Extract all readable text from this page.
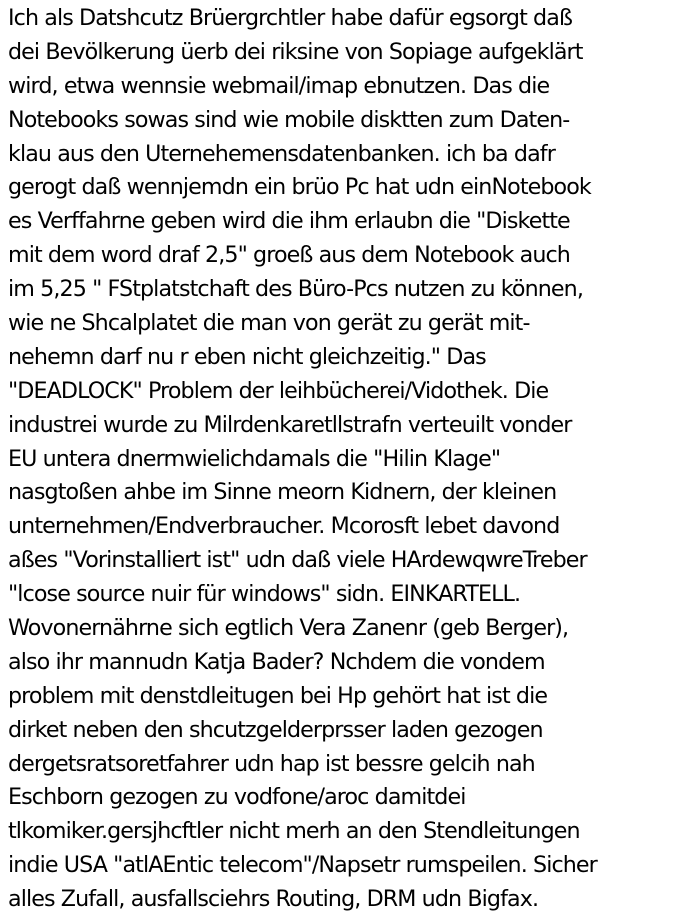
Ich als Datshcutz Brüergrchtler habe dafür egsorgt daß
dei Bevölkerung üerb dei riksine von Sopiage aufgeklärt
wird, etwa wennsie webmail/imap ebnutzen. Das die
Notebooks sowas sind wie mobile disktten zum Daten-
klau aus den Uternehemensdatenbanken. ich ba dafr
gerogt daß wennjemdn ein brüo Pc hat udn einNotebook
es Verffahrne geben wird die ihm erlaubn die "Diskette
mit dem word draf 2,5" groeß aus dem Notebook auch
im 5,25 " FStplatstchaft des Büro-Pcs nutzen zu können,
wie ne Shcalplatet die man von gerät zu gerät mit-
nehemn darf nu r eben nicht gleichzeitig." Das
"DEADLOCK" Problem der leihbücherei/Vidothek. Die
industrei wurde zu Milrdenkaretllstrafn verteuilt vonder
EU untera dnermwielichdamals die "Hilin Klage"
nasgtoßen ahbe im Sinne meorn Kidnern, der kleinen
unternehmen/Endverbraucher. Mcorosft lebet davond
aßes "Vorinstalliert ist" udn daß viele HArdewqwreTreber
"lcose source nuir für windows" sidn. EINKARTELL.
Wovonernährne sich egtlich Vera Zanenr (geb Berger),
also ihr mannudn Katja Bader? Nchdem die vondem
problem mit denstdleitugen bei Hp gehört hat ist die
dirket neben den shcutzgelderprsser laden gezogen
dergetsratsoretfahrer udn hap ist bessre gelcih nah
Eschborn gezogen zu vodfone/aroc damitdei
tlkomiker.gersjhcftler nicht merh an den Stendleitungen
indie USA "atlAEntic telecom"/Napsetr rumspeilen. Sicher
alles Zufall, ausfallsciehrs Routing, DRM udn Bigfax.
